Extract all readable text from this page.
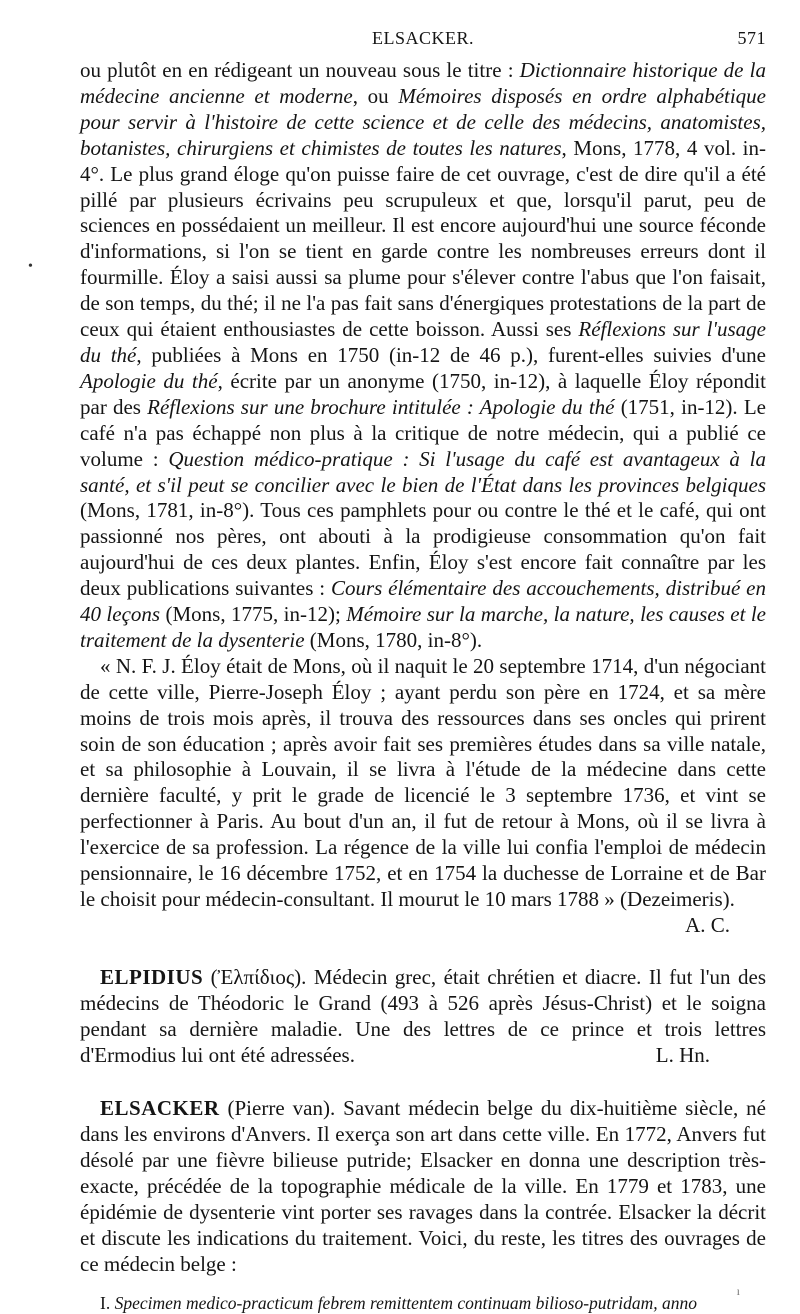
ELSACKER.	571
•

ou plutôt en en rédigeant un nouveau sous le titre : Dictionnaire historique de la médecine ancienne et moderne, ou Mémoires disposés en ordre alphabétique pour servir à l'histoire de cette science et de celle des médecins, anatomistes, botanistes, chirurgiens et chimistes de toutes les natures, Mons, 1778, 4 vol. in-4°. Le plus grand éloge qu'on puisse faire de cet ouvrage, c'est de dire qu'il a été pillé par plusieurs écrivains peu scrupuleux et que, lorsqu'il parut, peu de sciences en possédaient un meilleur. Il est encore aujourd'hui une source féconde d'informations, si l'on se tient en garde contre les nombreuses erreurs dont il fourmille. Éloy a saisi aussi sa plume pour s'élever contre l'abus que l'on faisait, de son temps, du thé; il ne l'a pas fait sans d'énergiques protestations de la part de ceux qui étaient enthousiastes de cette boisson. Aussi ses Réflexions sur l'usage du thé, publiées à Mons en 1750 (in-12 de 46 p.), furent-elles suivies d'une Apologie du thé, écrite par un anonyme (1750, in-12), à laquelle Éloy répondit par des Réflexions sur une brochure intitulée : Apologie du thé (1751, in-12). Le café n'a pas échappé non plus à la critique de notre médecin, qui a publié ce volume : Question médico-pratique : Si l'usage du café est avantageux à la santé, et s'il peut se concilier avec le bien de l'État dans les provinces belgiques (Mons, 1781, in-8°). Tous ces pamphlets pour ou contre le thé et le café, qui ont passionné nos pères, ont abouti à la prodigieuse consommation qu'on fait aujourd'hui de ces deux plantes. Enfin, Éloy s'est encore fait connaître par les deux publications suivantes : Cours élémentaire des accouchements, distribué en 40 leçons (Mons, 1775, in-12); Mémoire sur la marche, la nature, les causes et le traitement de la dysenterie (Mons, 1780, in-8°).

« N. F. J. Éloy était de Mons, où il naquit le 20 septembre 1714, d'un négociant de cette ville, Pierre-Joseph Éloy ; ayant perdu son père en 1724, et sa mère moins de trois mois après, il trouva des ressources dans ses oncles qui prirent soin de son éducation ; après avoir fait ses premières études dans sa ville natale, et sa philosophie à Louvain, il se livra à l'étude de la médecine dans cette dernière faculté, y prit le grade de licencié le 3 septembre 1736, et vint se perfectionner à Paris. Au bout d'un an, il fut de retour à Mons, où il se livra à l'exercice de sa profession. La régence de la ville lui confia l'emploi de médecin pensionnaire, le 16 décembre 1752, et en 1754 la duchesse de Lorraine et de Bar le choisit pour médecin-consultant. Il mourut le 10 mars 1788 » (Dezeimeris).
A. C.

ELPIDIUS (Ἐλπίδιος). Médecin grec, était chrétien et diacre. Il fut l'un des médecins de Théodoric le Grand (493 à 526 après Jésus-Christ) et le soigna pendant sa dernière maladie. Une des lettres de ce prince et trois lettres d'Ermodius lui ont été adressées.	L. Hn.

ELSACKER (Pierre van). Savant médecin belge du dix-huitième siècle, né dans les environs d'Anvers. Il exerça son art dans cette ville. En 1772, Anvers fut désolé par une fièvre bilieuse putride; Elsacker en donna une description très-exacte, précédée de la topographie médicale de la ville. En 1779 et 1783, une épidémie de dysenterie vint porter ses ravages dans la contrée. Elsacker la décrit et discute les indications du traitement. Voici, du reste, les titres des ouvrages de ce médecin belge :

I. Specimen medico-practicum febrem remittentem continuam bilioso-putridam, anno

ı
